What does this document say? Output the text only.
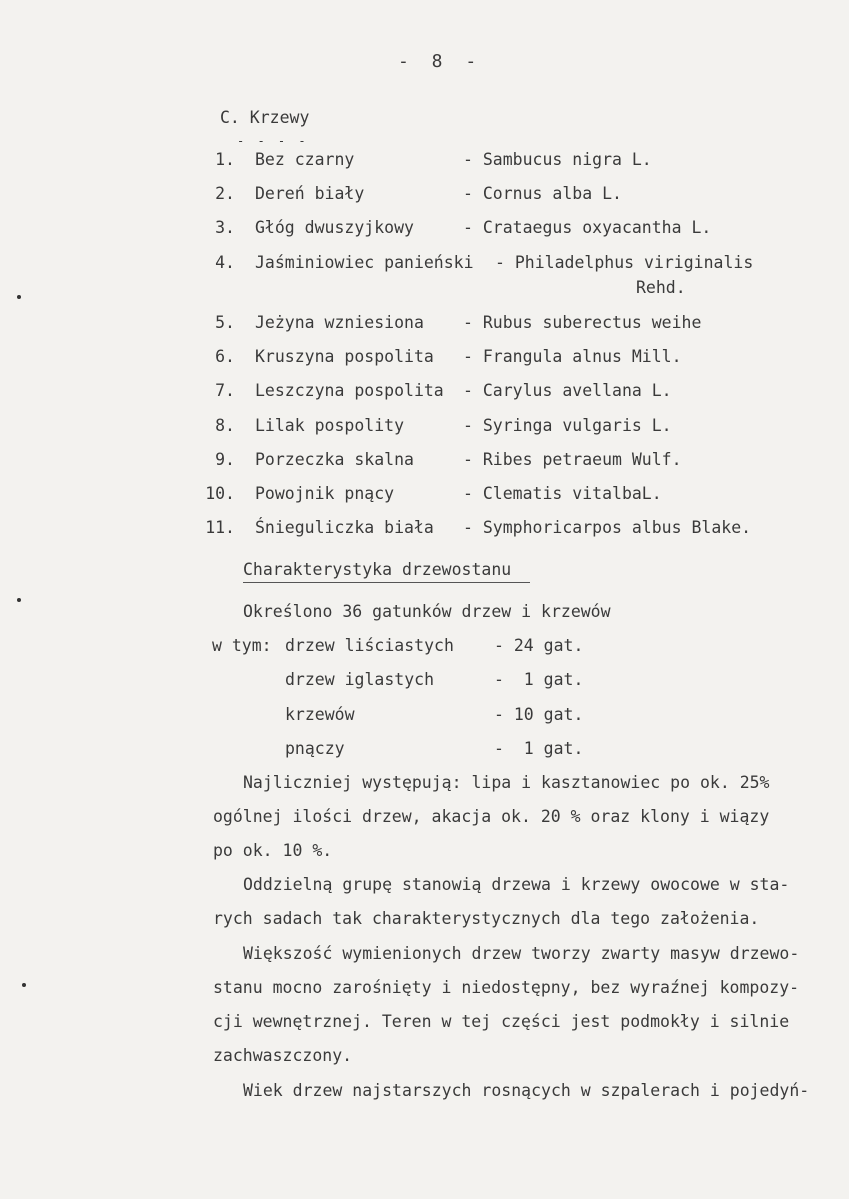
- 8 -
C. Krzewy
- - - -
1. Bez czarny	- Sambucus nigra L.
2. Dereń biały	- Cornus alba L.
3. Głóg dwuszyjkowy	- Crataegus oxyacantha L.
4. Jaśminiowiec panieński - Philadelphus viriginalis
Rehd.
5. Jeżyna wzniesiona - Rubus suberectus weihe
6. Kruszyna pospolita - Frangula alnus Mill.
7. Leszczyna pospolita - Carylus avellana L.
8. Lilak pospolity	- Syringa vulgaris L.
9. Porzeczka skalna	- Ribes petraeum Wulf.
10. Powojnik pnący	- Clematis vitalbaL.
11. Śnieguliczka biała - Symphoricarpos albus Blake.
Charakterystyka drzewostanu
Określono 36 gatunków drzew i krzewów
w tym: drzew liściastych - 24 gat.
drzew iglastych	-  1 gat.
krzewów	- 10 gat.
pnączy	-  1 gat.
Najliczniej występują: lipa i kasztanowiec po ok. 25%
ogólnej ilości drzew, akacja ok. 20 % oraz klony i wiązy
po ok. 10 %.
Oddzielną grupę stanowią drzewa i krzewy owocowe w sta-
rych sadach tak charakterystycznych dla tego założenia.
Większość wymienionych drzew tworzy zwarty masyw drzewo-
stanu mocno zarośnięty i niedostępny, bez wyraźnej kompozy-
cji wewnętrznej. Teren w tej części jest podmokły i silnie
zachwaszczony.
Wiek drzew najstarszych rosnących w szpalerach i pojedyń-
